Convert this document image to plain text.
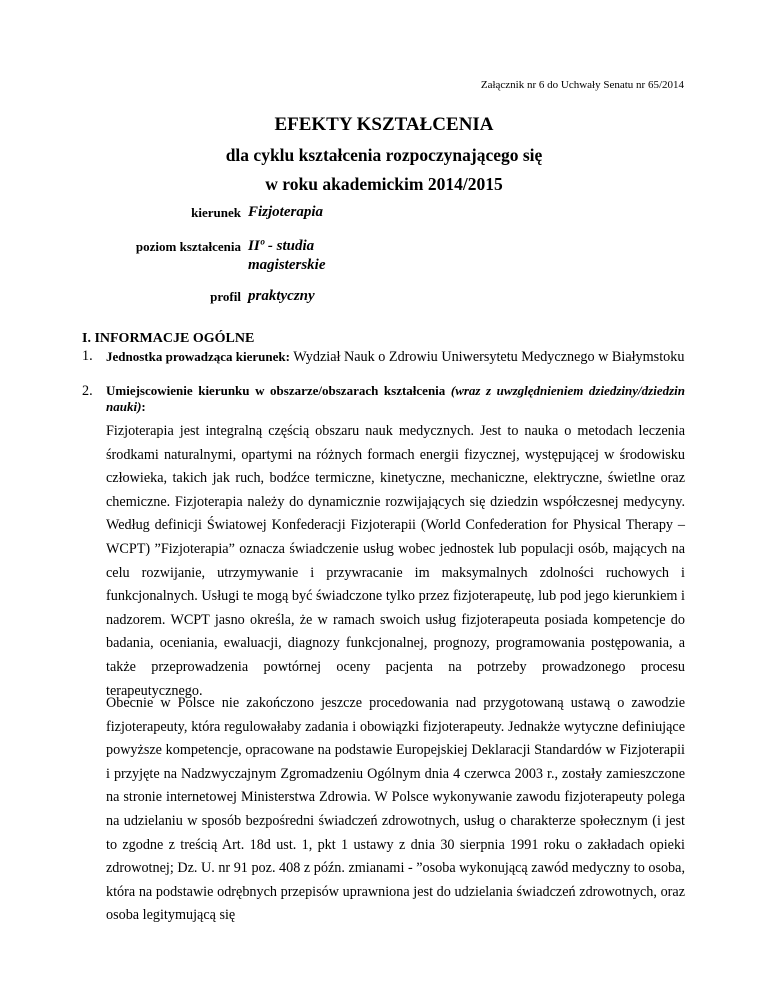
Załącznik nr 6 do Uchwały Senatu nr 65/2014
EFEKTY KSZTAŁCENIA
dla cyklu kształcenia rozpoczynającego się
w roku akademickim 2014/2015
kierunek Fizjoterapia
poziom kształcenia IIº - studia magisterskie
profil praktyczny
I. INFORMACJE OGÓLNE
1. Jednostka prowadząca kierunek: Wydział Nauk o Zdrowiu Uniwersytetu Medycznego w Białymstoku
2. Umiejscowienie kierunku w obszarze/obszarach kształcenia (wraz z uwzględnieniem dziedziny/dziedzin nauki):
Fizjoterapia jest integralną częścią obszaru nauk medycznych. Jest to nauka o metodach leczenia środkami naturalnymi, opartymi na różnych formach energii fizycznej, występującej w środowisku człowieka, takich jak ruch, bodźce termiczne, kinetyczne, mechaniczne, elektryczne, świetlne oraz chemiczne. Fizjoterapia należy do dynamicznie rozwijających się dziedzin współczesnej medycyny. Według definicji Światowej Konfederacji Fizjoterapii (World Confederation for Physical Therapy – WCPT) ”Fizjoterapia” oznacza świadczenie usług wobec jednostek lub populacji osób, mających na celu rozwijanie, utrzymywanie i przywracanie im maksymalnych zdolności ruchowych i funkcjonalnych. Usługi te mogą być świadczone tylko przez fizjoterapeutę, lub pod jego kierunkiem i nadzorem. WCPT jasno określa, że w ramach swoich usług fizjoterapeuta posiada kompetencje do badania, oceniania, ewaluacji, diagnozy funkcjonalnej, prognozy, programowania postępowania, a także przeprowadzenia powtórnej oceny pacjenta na potrzeby prowadzonego procesu terapeutycznego.
Obecnie w Polsce nie zakończono jeszcze procedowania nad przygotowaną ustawą o zawodzie fizjoterapeuty, która regulowałaby zadania i obowiązki fizjoterapeuty. Jednakże wytyczne definiujące powyższe kompetencje, opracowane na podstawie Europejskiej Deklaracji Standardów w Fizjoterapii i przyjęte na Nadzwyczajnym Zgromadzeniu Ogólnym dnia 4 czerwca 2003 r., zostały zamieszczone na stronie internetowej Ministerstwa Zdrowia. W Polsce wykonywanie zawodu fizjoterapeuty polega na udzielaniu w sposób bezpośredni świadczeń zdrowotnych, usług o charakterze społecznym (i jest to zgodne z treścią Art. 18d ust. 1, pkt 1 ustawy z dnia 30 sierpnia 1991 roku o zakładach opieki zdrowotnej; Dz. U. nr 91 poz. 408 z późn. zmianami - ”osoba wykonującą zawód medyczny to osoba, która na podstawie odrębnych przepisów uprawniona jest do udzielania świadczeń zdrowotnych, oraz osoba legitymującą się
